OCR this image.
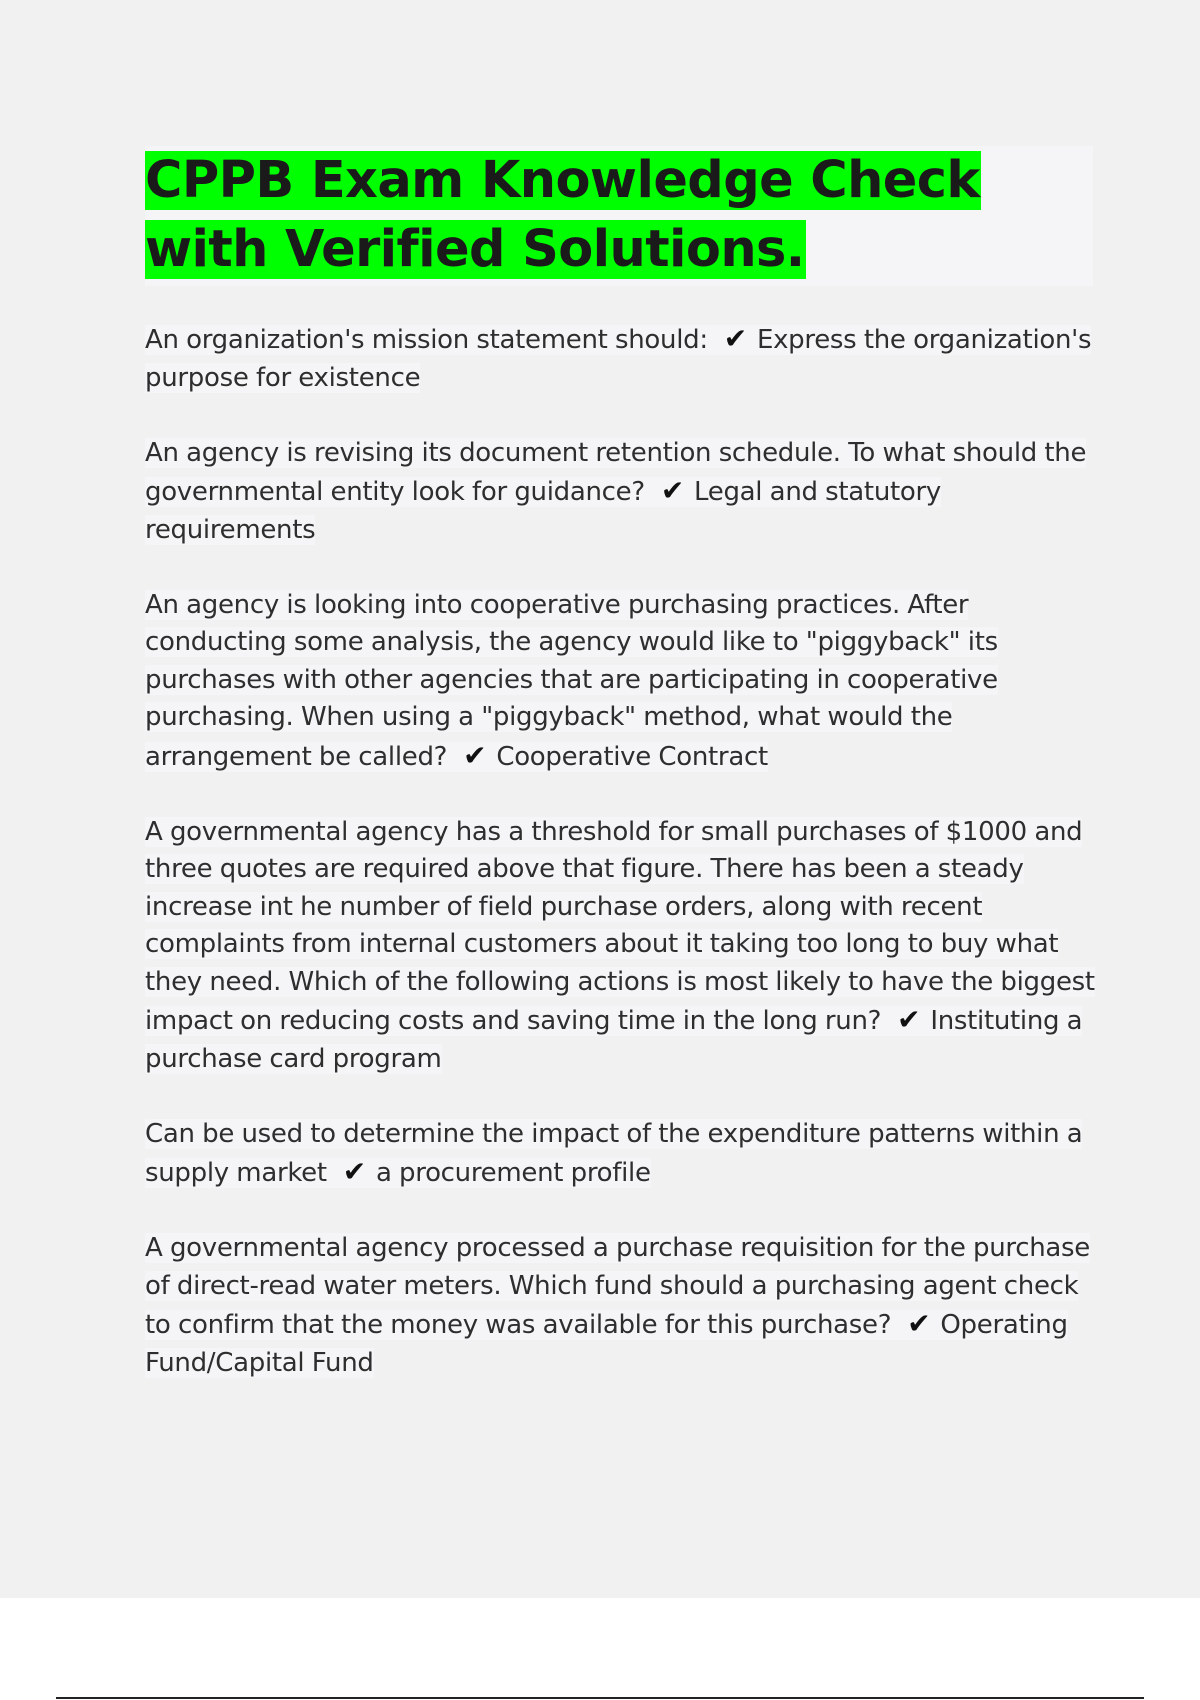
CPPB Exam Knowledge Check with Verified Solutions.
An organization's mission statement should: ✔ Express the organization's purpose for existence
An agency is revising its document retention schedule. To what should the governmental entity look for guidance? ✔ Legal and statutory requirements
An agency is looking into cooperative purchasing practices. After conducting some analysis, the agency would like to "piggyback" its purchases with other agencies that are participating in cooperative purchasing. When using a "piggyback" method, what would the arrangement be called? ✔ Cooperative Contract
A governmental agency has a threshold for small purchases of $1000 and three quotes are required above that figure. There has been a steady increase int he number of field purchase orders, along with recent complaints from internal customers about it taking too long to buy what they need. Which of the following actions is most likely to have the biggest impact on reducing costs and saving time in the long run? ✔ Instituting a purchase card program
Can be used to determine the impact of the expenditure patterns within a supply market ✔ a procurement profile
A governmental agency processed a purchase requisition for the purchase of direct-read water meters. Which fund should a purchasing agent check to confirm that the money was available for this purchase? ✔ Operating Fund/Capital Fund
